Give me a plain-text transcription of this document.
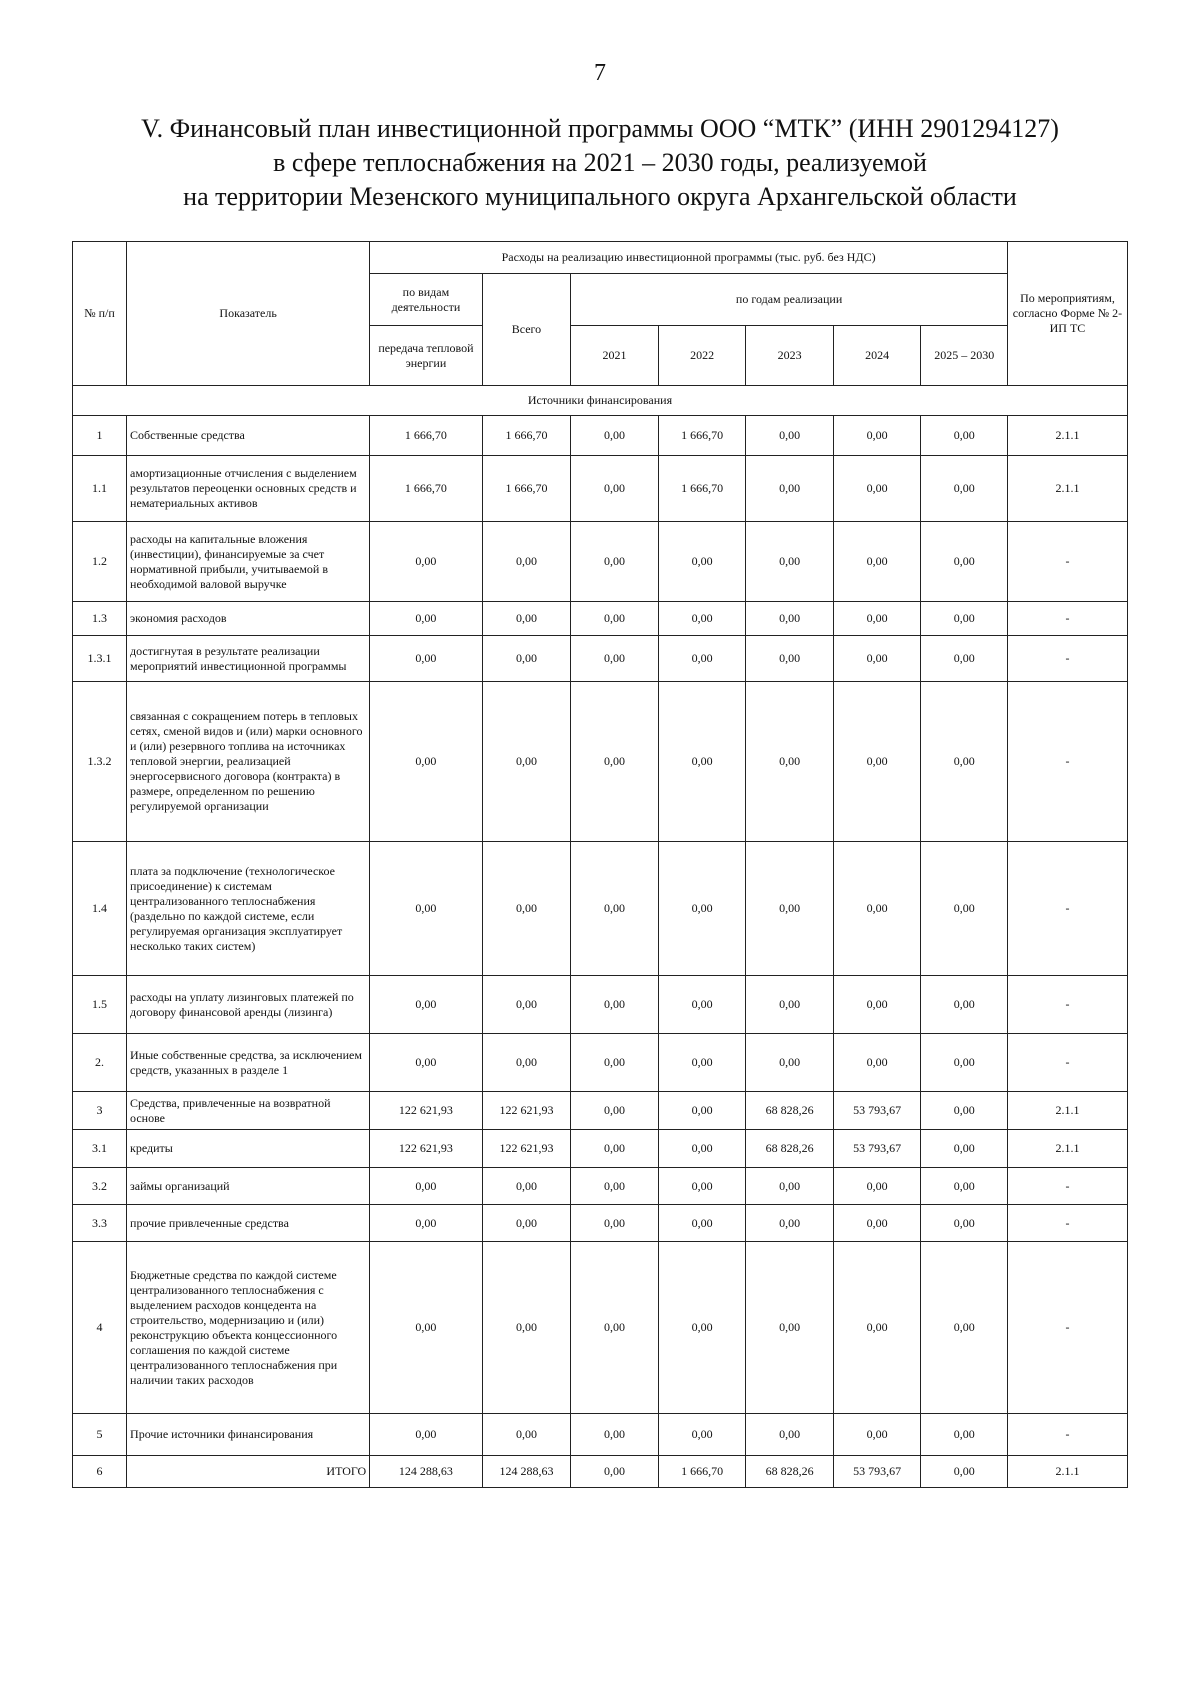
7
V. Финансовый план инвестиционной программы ООО “МТК” (ИНН 2901294127)
в сфере теплоснабжения на 2021 – 2030 годы, реализуемой
на территории Мезенского муниципального округа Архангельской области
№ п/п	Показатель	Расходы на реализацию инвестиционной программы (тыс. руб. без НДС)							По мероприятиям, согласно Форме № 2-ИП ТС
		по видам деятельности	Всего	по годам реализации					
		передача тепловой энергии		2021	2022	2023	2024	2025 – 2030	
Источники финансирования									
1	Собственные средства	1 666,70	1 666,70	0,00	1 666,70	0,00	0,00	0,00	2.1.1
1.1	амортизационные отчисления с выделением результатов переоценки основных средств и нематериальных активов	1 666,70	1 666,70	0,00	1 666,70	0,00	0,00	0,00	2.1.1
1.2	расходы на капитальные вложения (инвестиции), финансируемые за счет нормативной прибыли, учитываемой в необходимой валовой выручке	0,00	0,00	0,00	0,00	0,00	0,00	0,00	-
1.3	экономия расходов	0,00	0,00	0,00	0,00	0,00	0,00	0,00	-
1.3.1	достигнутая в результате реализации мероприятий инвестиционной программы	0,00	0,00	0,00	0,00	0,00	0,00	0,00	-
1.3.2	связанная с сокращением потерь в тепловых сетях, сменой видов и (или) марки основного и (или) резервного топлива на источниках тепловой энергии, реализацией энергосервисного договора (контракта) в размере, определенном по решению регулируемой организации	0,00	0,00	0,00	0,00	0,00	0,00	0,00	-
1.4	плата за подключение (технологическое присоединение) к системам централизованного теплоснабжения (раздельно по каждой системе, если регулируемая организация эксплуатирует несколько таких систем)	0,00	0,00	0,00	0,00	0,00	0,00	0,00	-
1.5	расходы на уплату лизинговых платежей по договору финансовой аренды (лизинга)	0,00	0,00	0,00	0,00	0,00	0,00	0,00	-
2.	Иные собственные средства, за исключением средств, указанных в разделе 1	0,00	0,00	0,00	0,00	0,00	0,00	0,00	-
3	Средства, привлеченные на возвратной основе	122 621,93	122 621,93	0,00	0,00	68 828,26	53 793,67	0,00	2.1.1
3.1	кредиты	122 621,93	122 621,93	0,00	0,00	68 828,26	53 793,67	0,00	2.1.1
3.2	займы организаций	0,00	0,00	0,00	0,00	0,00	0,00	0,00	-
3.3	прочие привлеченные средства	0,00	0,00	0,00	0,00	0,00	0,00	0,00	-
4	Бюджетные средства по каждой системе централизованного теплоснабжения с выделением расходов концедента на строительство, модернизацию и (или) реконструкцию объекта концессионного соглашения по каждой системе централизованного теплоснабжения при наличии таких расходов	0,00	0,00	0,00	0,00	0,00	0,00	0,00	-
5	Прочие источники финансирования	0,00	0,00	0,00	0,00	0,00	0,00	0,00	-
6	ИТОГО	124 288,63	124 288,63	0,00	1 666,70	68 828,26	53 793,67	0,00	2.1.1
